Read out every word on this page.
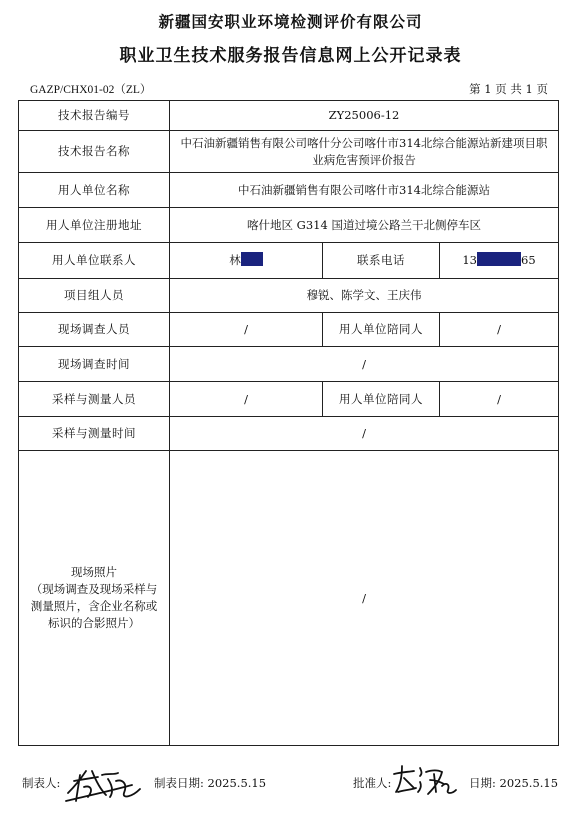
新疆国安职业环境检测评价有限公司
职业卫生技术服务报告信息网上公开记录表
GAZP/CHX01-02（ZL）	第 1 页 共 1 页
技术报告编号	ZY25006-12		
技术报告名称	中石油新疆销售有限公司喀什分公司喀什市314北综合能源站新建项目职业病危害预评价报告		
用人单位名称	中石油新疆销售有限公司喀什市314北综合能源站		
用人单位注册地址	喀什地区 G314 国道过境公路兰干北侧停车区		
用人单位联系人	林	联系电话	13 65
项目组人员	穆锐、陈学文、王庆伟		
现场调查人员	/	用人单位陪同人	/
现场调查时间	/		
采样与测量人员	/	用人单位陪同人	/
采样与测量时间	/		

现场照片
（现场调查及现场采样与
测量照片，含企业名称或
标识的合影照片）	/		
制表人:	制表日期: 2025.5.15	批准人:	日期: 2025.5.15
